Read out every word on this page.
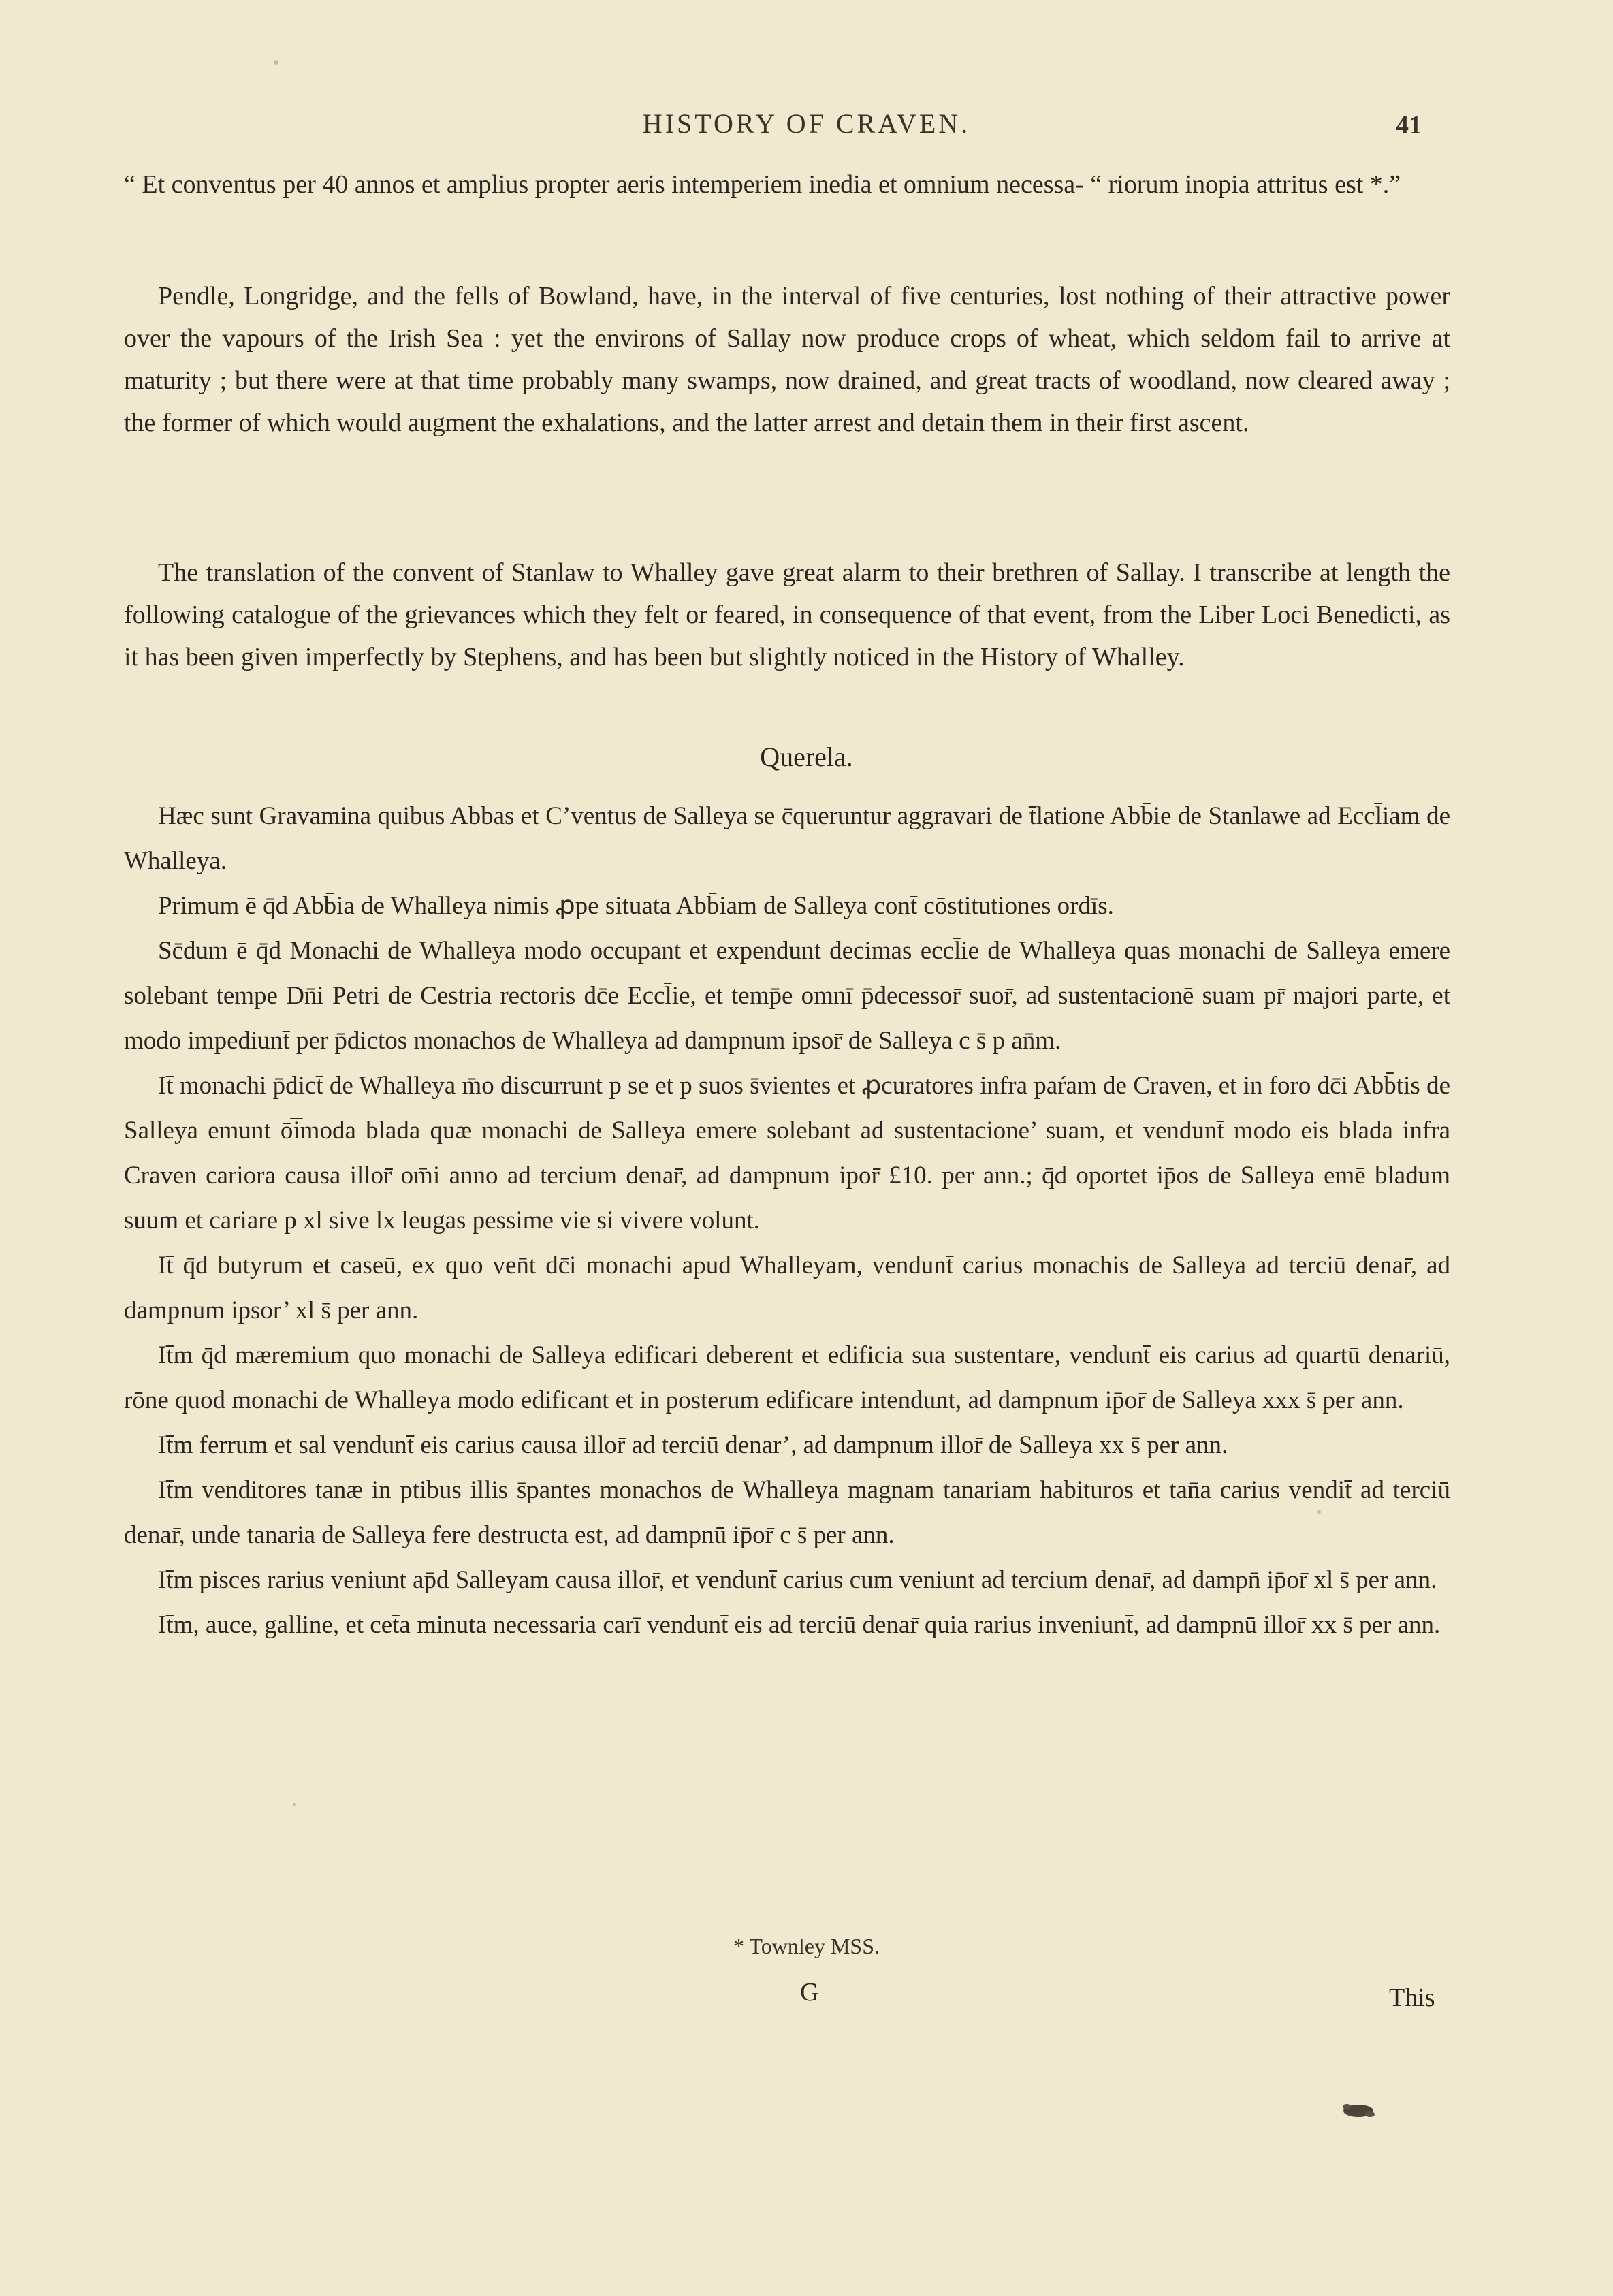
HISTORY OF CRAVEN.	41
“ Et conventus per 40 annos et amplius propter aeris intemperiem inedia et omnium necessa- “ riorum inopia attritus est *.”
Pendle, Longridge, and the fells of Bowland, have, in the interval of five centuries, lost nothing of their attractive power over the vapours of the Irish Sea : yet the environs of Sallay now produce crops of wheat, which seldom fail to arrive at maturity ; but there were at that time probably many swamps, now drained, and great tracts of woodland, now cleared away ; the former of which would augment the exhalations, and the latter arrest and detain them in their first ascent.
The translation of the convent of Stanlaw to Whalley gave great alarm to their brethren of Sallay. I transcribe at length the following catalogue of the grievances which they felt or feared, in consequence of that event, from the Liber Loci Benedicti, as it has been given imperfectly by Stephens, and has been but slightly noticed in the History of Whalley.
Querela.

Hæc sunt Gravamina quibus Abbas et C’ventus de Salleya se c̄queruntur aggravari de t̄latione Abb̄ie de Stanlawe ad Eccl̄iam de Whalleya.

Primum ē q̄d Abb̄ia de Whalleya nimis ꝓpe situata Abb̄iam de Salleya cont̄ cōstitutiones ordīs.

Sc̄dum ē q̄d Monachi de Whalleya modo occupant et expendunt decimas eccl̄ie de Whalleya quas monachi de Salleya emere solebant tempe Dn̄i Petri de Cestria rectoris dc̄e Eccl̄ie, et temp̄e omnī p̄decessor̄ suor̄, ad sustentacionē suam pr̄ majori parte, et modo impediunt̄ per p̄dictos monachos de Whalleya ad dampnum ipsor̄ de Salleya c s̄ p an̄m.

It̄ monachi p̄dict̄ de Whalleya m̄o discurrunt p se et p suos s̄vientes et ꝓcuratores infra paŕam de Craven, et in foro dc̄i Abb̄tis de Salleya emunt ōi̅moda blada quæ monachi de Salleya emere solebant ad sustentacione’ suam, et vendunt̄ modo eis blada infra Craven cariora causa illor̄ om̄i anno ad tercium denar̄, ad dampnum ipor̄ £10. per ann.; q̄d oportet ip̄os de Salleya emē bladum suum et cariare p xl sive lx leugas pessime vie si vivere volunt.

It̄ q̄d butyrum et caseū, ex quo ven̄t dc̄i monachi apud Whalleyam, vendunt̄ carius monachis de Salleya ad terciū denar̄, ad dampnum ipsor’ xl s̄ per ann.

It̄m q̄d mæremium quo monachi de Salleya edificari deberent et edificia sua sustentare, vendunt̄ eis carius ad quartū denariū, rōne quod monachi de Whalleya modo edificant et in posterum edificare intendunt, ad dampnum ip̄or̄ de Salleya xxx s̄ per ann.

It̄m ferrum et sal vendunt̄ eis carius causa illor̄ ad terciū denar’, ad dampnum illor̄ de Salleya xx s̄ per ann.

It̄m venditores tanæ in ptibus illis s̄pantes monachos de Whalleya magnam tanariam habituros et tan̄a carius vendit̄ ad terciū denar̄, unde tanaria de Salleya fere destructa est, ad dampnū ip̄or̄ c s̄ per ann.

It̄m pisces rarius veniunt ap̄d Salleyam causa illor̄, et vendunt̄ carius cum veniunt ad tercium denar̄, ad dampn̄ ip̄or̄ xl s̄ per ann.

It̄m, auce, galline, et cet̄a minuta necessaria carī vendunt̄ eis ad terciū denar̄ quia rarius inveniunt̄, ad dampnū illor̄ xx s̄ per ann.

* Townley MSS.
G	This
